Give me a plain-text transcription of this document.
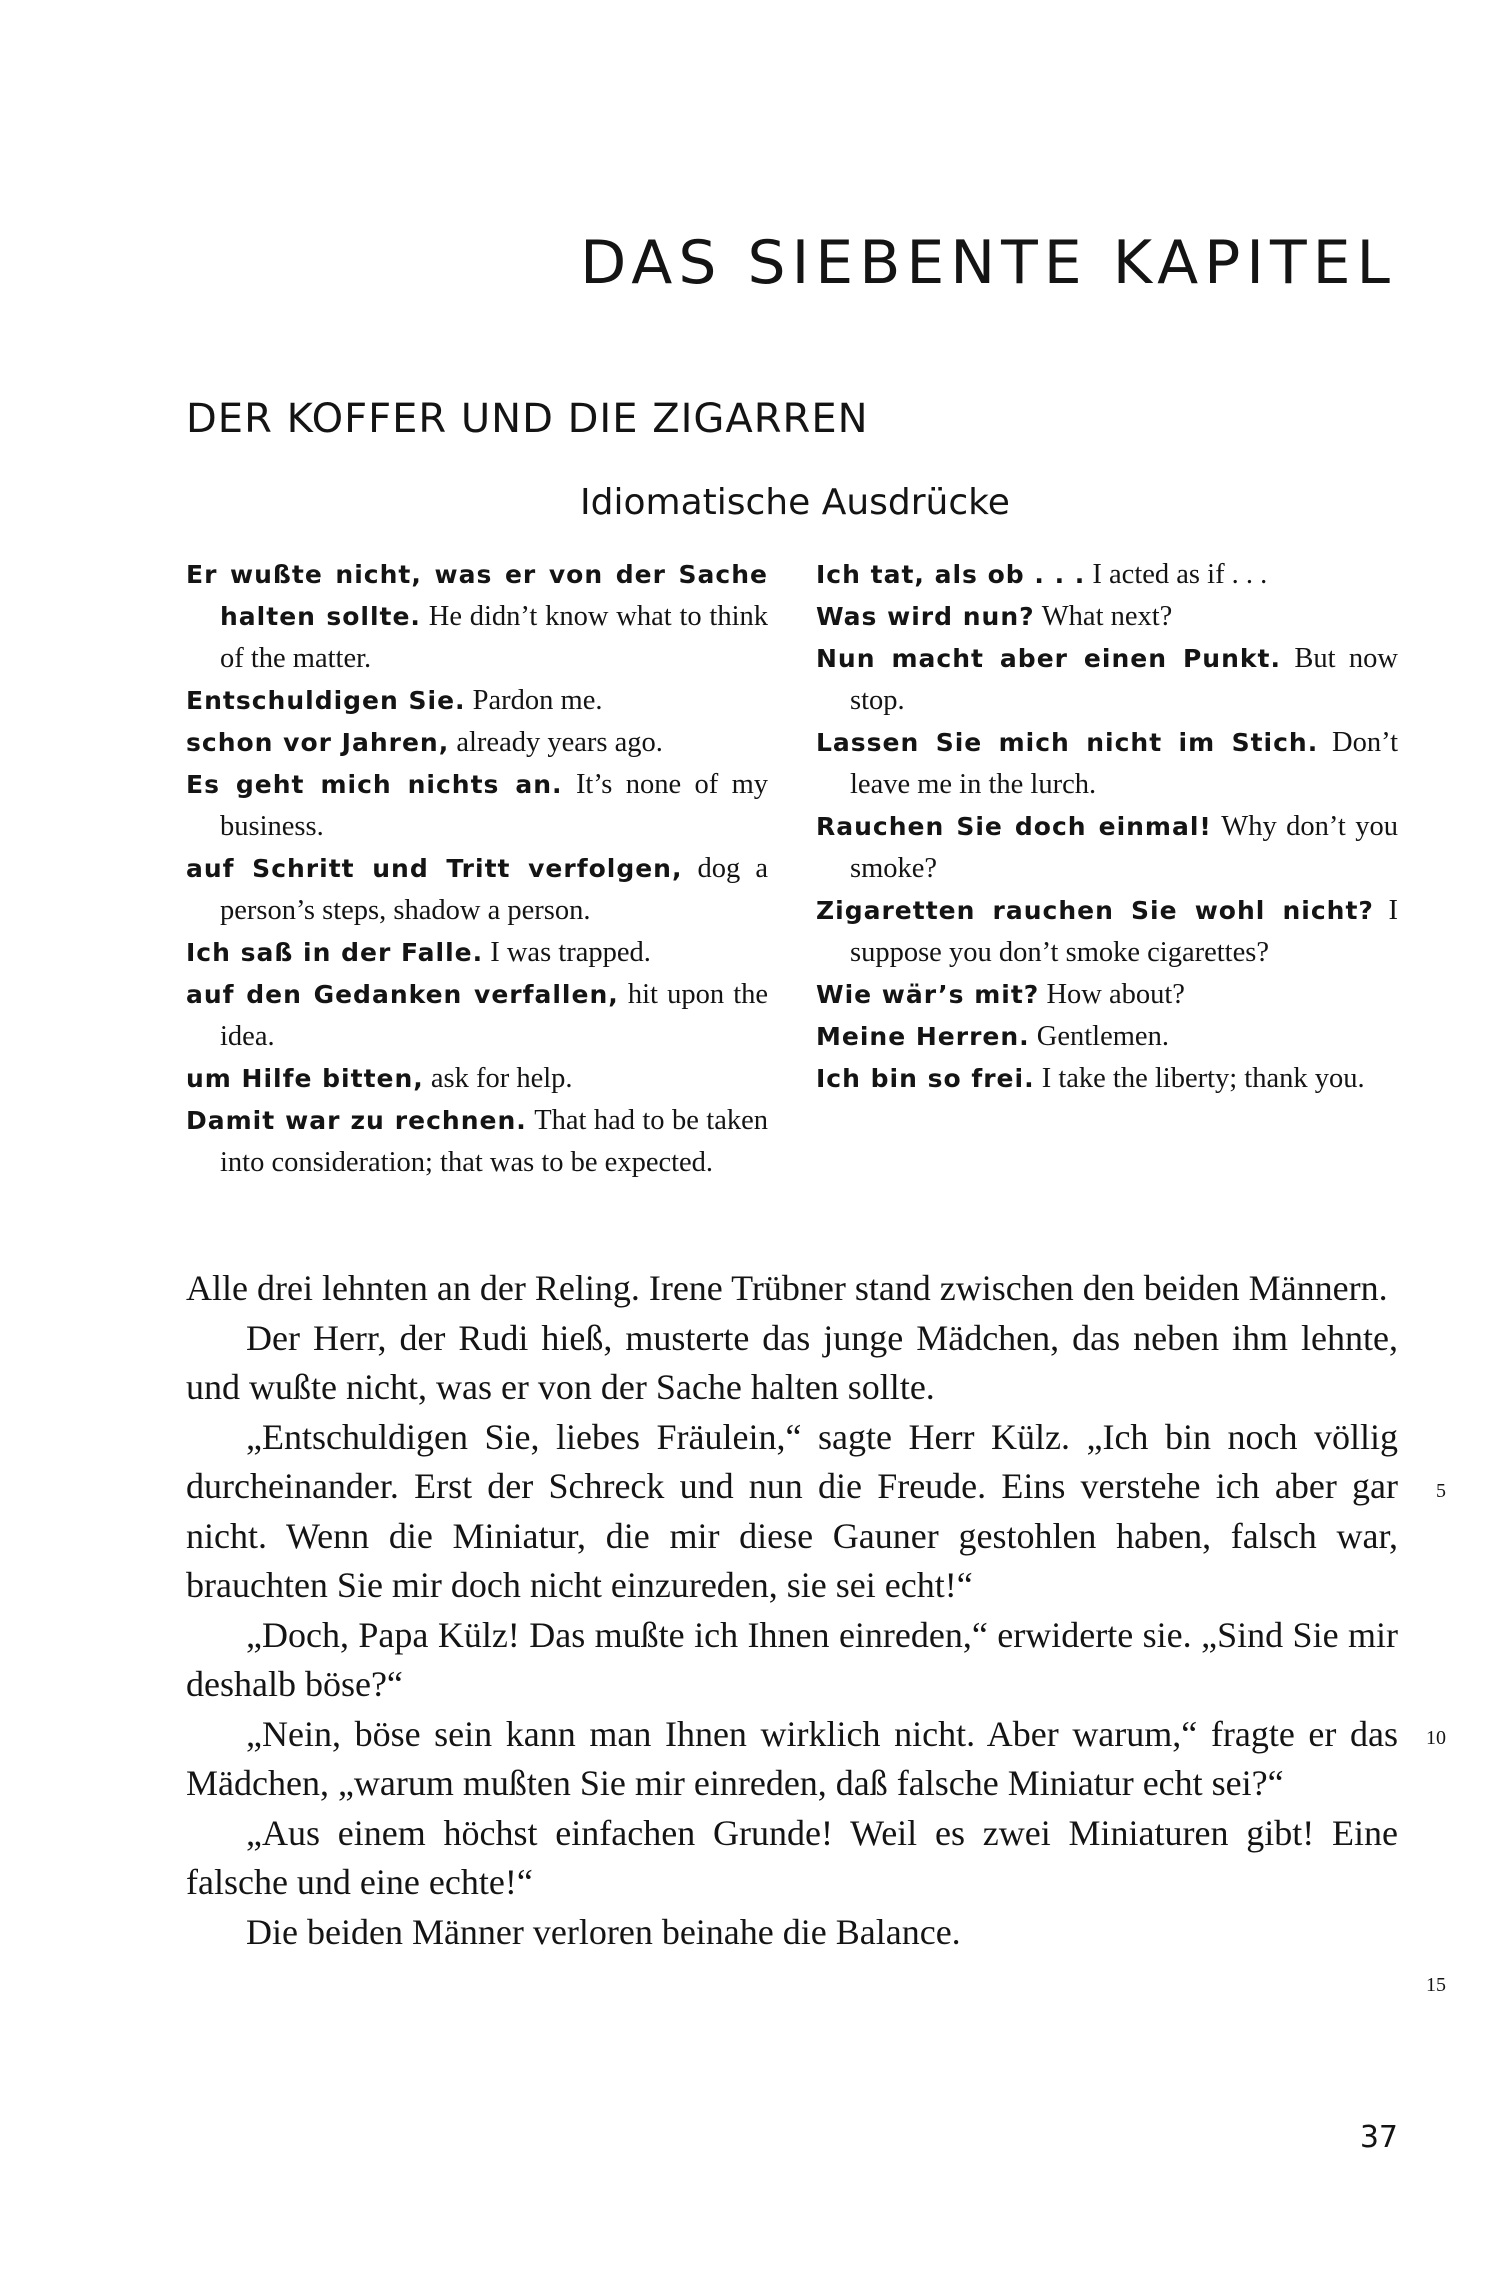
DAS SIEBENTE KAPITEL
DER KOFFER UND DIE ZIGARREN
Idiomatische Ausdrücke
Er wußte nicht, was er von der Sache halten sollte. He didn’t know what to think of the matter.
Entschuldigen Sie. Pardon me.
schon vor Jahren, already years ago.
Es geht mich nichts an. It’s none of my business.
auf Schritt und Tritt verfolgen, dog a person’s steps, shadow a person.
Ich saß in der Falle. I was trapped.
auf den Gedanken verfallen, hit upon the idea.
um Hilfe bitten, ask for help.
Damit war zu rechnen. That had to be taken into consideration; that was to be expected.
Ich tat, als ob . . . I acted as if . . .
Was wird nun? What next?
Nun macht aber einen Punkt. But now stop.
Lassen Sie mich nicht im Stich. Don’t leave me in the lurch.
Rauchen Sie doch einmal! Why don’t you smoke?
Zigaretten rauchen Sie wohl nicht? I suppose you don’t smoke cigarettes?
Wie wär’s mit? How about?
Meine Herren. Gentlemen.
Ich bin so frei. I take the liberty; thank you.

Alle drei lehnten an der Reling. Irene Trübner stand zwischen den beiden Männern.

Der Herr, der Rudi hieß, musterte das junge Mädchen, das neben ihm lehnte, und wußte nicht, was er von der Sache halten sollte.

„Entschuldigen Sie, liebes Fräulein,“ sagte Herr Külz. „Ich bin noch völlig durcheinander. Erst der Schreck und nun die Freude. Eins verstehe ich aber gar nicht. Wenn die Miniatur, die mir diese Gauner gestohlen haben, falsch war, brauchten Sie mir doch nicht einzureden, sie sei echt!“

„Doch, Papa Külz! Das mußte ich Ihnen einreden,“ erwiderte sie. „Sind Sie mir deshalb böse?“

„Nein, böse sein kann man Ihnen wirklich nicht. Aber warum,“ fragte er das Mädchen, „warum mußten Sie mir einreden, daß falsche Miniatur echt sei?“

„Aus einem höchst einfachen Grunde! Weil es zwei Miniaturen gibt! Eine falsche und eine echte!“

Die beiden Männer verloren beinahe die Balance.

5
10
15
37
